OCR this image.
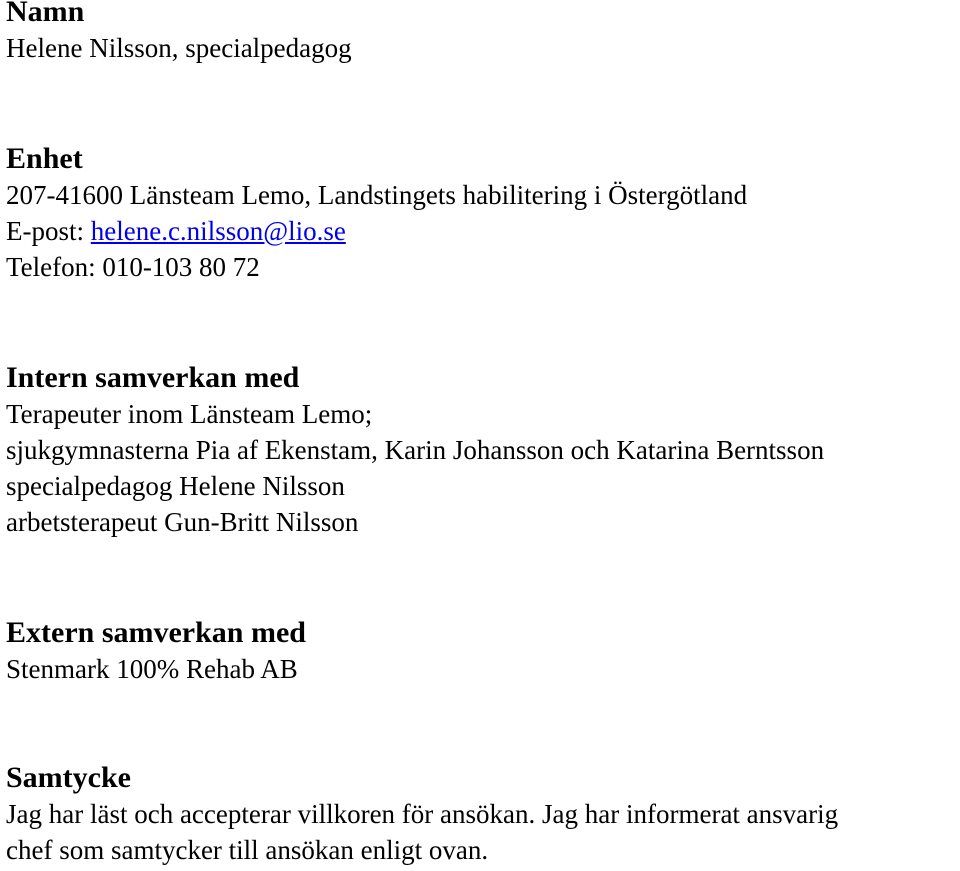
Namn

Helene Nilsson, specialpedagog

Enhet

207-41600 Länsteam Lemo, Landstingets habilitering i Östergötland

E-post: helene.c.nilsson@lio.se

Telefon: 010-103 80 72

Intern samverkan med

Terapeuter inom Länsteam Lemo;

sjukgymnasterna Pia af Ekenstam, Karin Johansson och Katarina Berntsson

specialpedagog Helene Nilsson

arbetsterapeut Gun-Britt Nilsson

Extern samverkan med

Stenmark 100% Rehab AB

Samtycke

Jag har läst och accepterar villkoren för ansökan. Jag har informerat ansvarig

chef som samtycker till ansökan enligt ovan.
